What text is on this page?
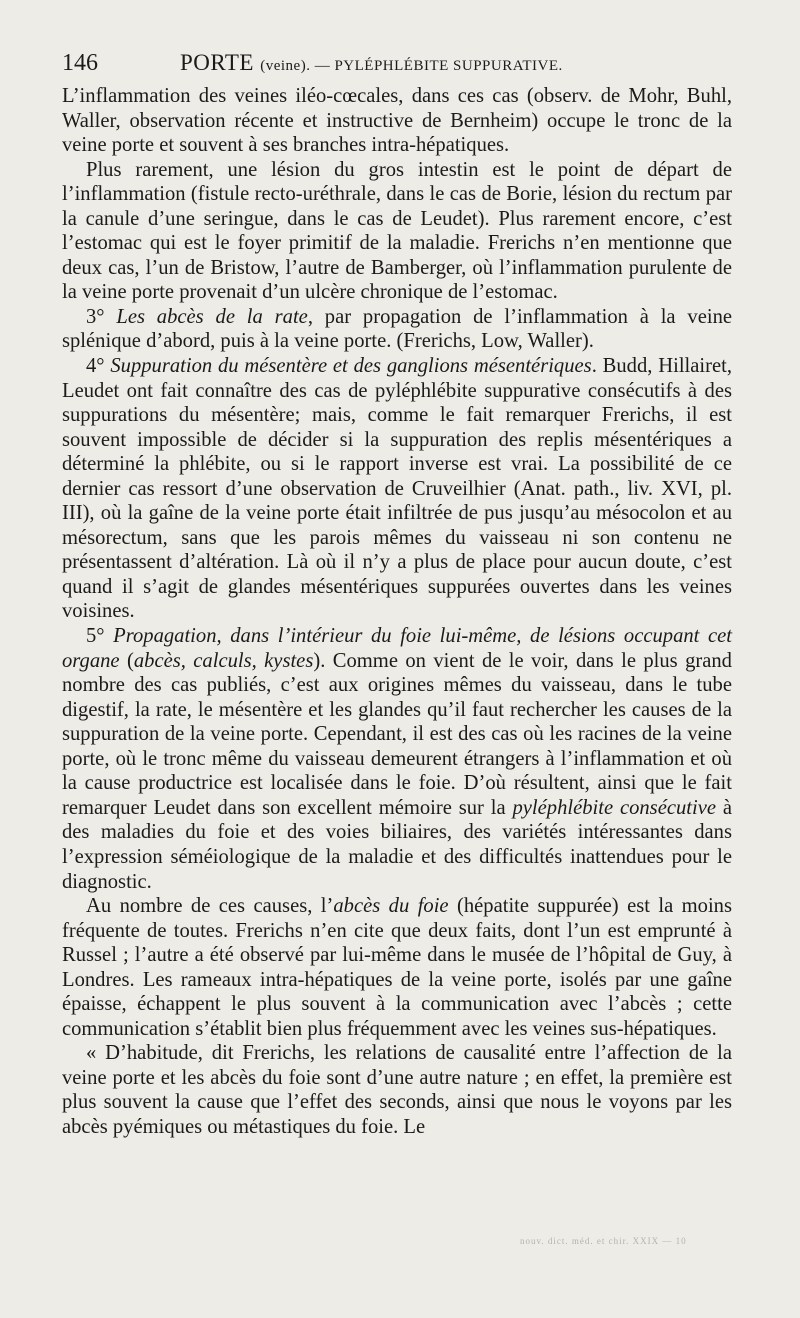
146	PORTE (veine). — PYLÉPHLÉBITE SUPPURATIVE.

L’inflammation des veines iléo-cœcales, dans ces cas (observ. de Mohr, Buhl, Waller, observation récente et instructive de Bernheim) occupe le tronc de la veine porte et souvent à ses branches intra-hépatiques.

Plus rarement, une lésion du gros intestin est le point de départ de l’inflammation (fistule recto-uréthrale, dans le cas de Borie, lésion du rectum par la canule d’une seringue, dans le cas de Leudet). Plus rarement encore, c’est l’estomac qui est le foyer primitif de la maladie. Frerichs n’en mentionne que deux cas, l’un de Bristow, l’autre de Bamberger, où l’inflammation purulente de la veine porte provenait d’un ulcère chronique de l’estomac.

3° Les abcès de la rate, par propagation de l’inflammation à la veine splénique d’abord, puis à la veine porte. (Frerichs, Low, Waller).

4° Suppuration du mésentère et des ganglions mésentériques. Budd, Hillairet, Leudet ont fait connaître des cas de pyléphlébite suppurative consécutifs à des suppurations du mésentère; mais, comme le fait remarquer Frerichs, il est souvent impossible de décider si la suppuration des replis mésentériques a déterminé la phlébite, ou si le rapport inverse est vrai. La possibilité de ce dernier cas ressort d’une observation de Cruveilhier (Anat. path., liv. XVI, pl. III), où la gaîne de la veine porte était infiltrée de pus jusqu’au mésocolon et au mésorectum, sans que les parois mêmes du vaisseau ni son contenu ne présentassent d’altération. Là où il n’y a plus de place pour aucun doute, c’est quand il s’agit de glandes mésentériques suppurées ouvertes dans les veines voisines.

5° Propagation, dans l’intérieur du foie lui-même, de lésions occupant cet organe (abcès, calculs, kystes). Comme on vient de le voir, dans le plus grand nombre des cas publiés, c’est aux origines mêmes du vaisseau, dans le tube digestif, la rate, le mésentère et les glandes qu’il faut rechercher les causes de la suppuration de la veine porte. Cependant, il est des cas où les racines de la veine porte, où le tronc même du vaisseau demeurent étrangers à l’inflammation et où la cause productrice est localisée dans le foie. D’où résultent, ainsi que le fait remarquer Leudet dans son excellent mémoire sur la pyléphlébite consécutive à des maladies du foie et des voies biliaires, des variétés intéressantes dans l’expression séméiologique de la maladie et des difficultés inattendues pour le diagnostic.

Au nombre de ces causes, l’abcès du foie (hépatite suppurée) est la moins fréquente de toutes. Frerichs n’en cite que deux faits, dont l’un est emprunté à Russel ; l’autre a été observé par lui-même dans le musée de l’hôpital de Guy, à Londres. Les rameaux intra-hépatiques de la veine porte, isolés par une gaîne épaisse, échappent le plus souvent à la communication avec l’abcès ; cette communication s’établit bien plus fréquemment avec les veines sus-hépatiques.

« D’habitude, dit Frerichs, les relations de causalité entre l’affection de la veine porte et les abcès du foie sont d’une autre nature ; en effet, la première est plus souvent la cause que l’effet des seconds, ainsi que nous le voyons par les abcès pyémiques ou métastiques du foie. Le

nouv. dict. méd. et chir. XXIX — 10
